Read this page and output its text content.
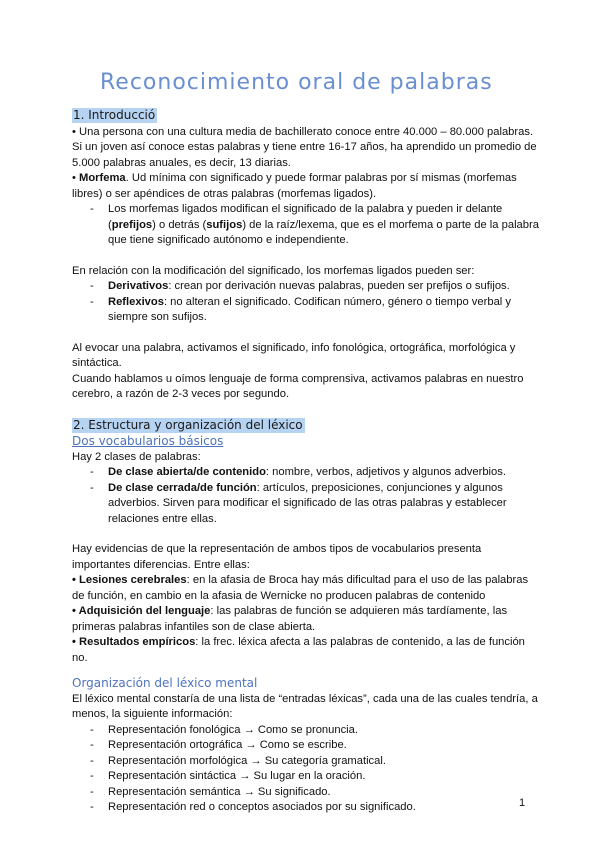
Reconocimiento oral de palabras
1. Introducció

• Una persona con una cultura media de bachillerato conoce entre 40.000 – 80.000 palabras. Si un joven así conoce estas palabras y tiene entre 16-17 años, ha aprendido un promedio de 5.000 palabras anuales, es decir, 13 diarias.

• Morfema. Ud mínima con significado y puede formar palabras por sí mismas (morfemas libres) o ser apéndices de otras palabras (morfemas ligados).

- Los morfemas ligados modifican el significado de la palabra y pueden ir delante (prefijos) o detrás (sufijos) de la raíz/lexema, que es el morfema o parte de la palabra que tiene significado autónomo e independiente.

En relación con la modificación del significado, los morfemas ligados pueden ser:

- Derivativos: crean por derivación nuevas palabras, pueden ser prefijos o sufijos.
- Reflexivos: no alteran el significado. Codifican número, género o tiempo verbal y siempre son sufijos.

Al evocar una palabra, activamos el significado, info fonológica, ortográfica, morfológica y sintáctica.

Cuando hablamos u oímos lenguaje de forma comprensiva, activamos palabras en nuestro cerebro, a razón de 2-3 veces por segundo.

2. Estructura y organización del léxico
Dos vocabularios básicos

Hay 2 clases de palabras:

- De clase abierta/de contenido: nombre, verbos, adjetivos y algunos adverbios.
- De clase cerrada/de función: artículos, preposiciones, conjunciones y algunos adverbios. Sirven para modificar el significado de las otras palabras y establecer relaciones entre ellas.

Hay evidencias de que la representación de ambos tipos de vocabularios presenta importantes diferencias. Entre ellas:

• Lesiones cerebrales: en la afasia de Broca hay más dificultad para el uso de las palabras de función, en cambio en la afasia de Wernicke no producen palabras de contenido

• Adquisición del lenguaje: las palabras de función se adquieren más tardíamente, las primeras palabras infantiles son de clase abierta.

• Resultados empíricos: la frec. léxica afecta a las palabras de contenido, a las de función no.

Organización del léxico mental

El léxico mental constaría de una lista de “entradas léxicas”, cada una de las cuales tendría, a menos, la siguiente información:

- Representación fonológica → Como se pronuncia.
- Representación ortográfica → Como se escribe.
- Representación morfológica → Su categoría gramatical.
- Representación sintáctica → Su lugar en la oración.
- Representación semántica → Su significado.
- Representación red o conceptos asociados por su significado.	1
